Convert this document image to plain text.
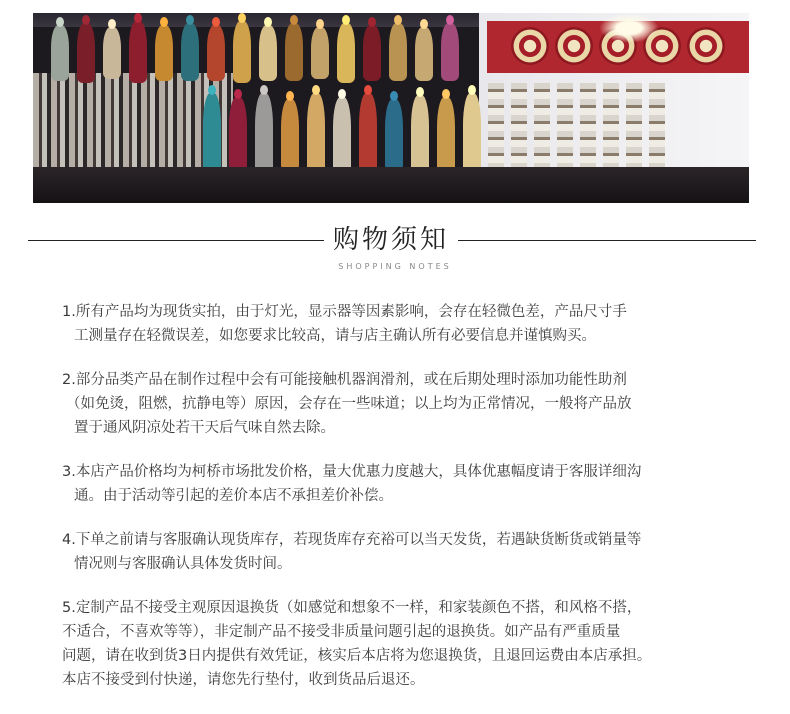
购物须知
SHOPPING NOTES

1.所有产品均为现货实拍，由于灯光，显示器等因素影响，会存在轻微色差，产品尺寸手

工测量存在轻微误差，如您要求比较高，请与店主确认所有必要信息并谨慎购买。

2.部分品类产品在制作过程中会有可能接触机器润滑剂，或在后期处理时添加功能性助剂

（如免烫，阻燃，抗静电等）原因，会存在一些味道；以上均为正常情况，一般将产品放

置于通风阴凉处若干天后气味自然去除。

3.本店产品价格均为柯桥市场批发价格，量大优惠力度越大，具体优惠幅度请于客服详细沟

通。由于活动等引起的差价本店不承担差价补偿。

4.下单之前请与客服确认现货库存，若现货库存充裕可以当天发货，若遇缺货断货或销量等

情况则与客服确认具体发货时间。

5.定制产品不接受主观原因退换货（如感觉和想象不一样，和家装颜色不搭，和风格不搭，

不适合，不喜欢等等），非定制产品不接受非质量问题引起的退换货。如产品有严重质量

问题，请在收到货3日内提供有效凭证，核实后本店将为您退换货，且退回运费由本店承担。

本店不接受到付快递，请您先行垫付，收到货品后退还。
